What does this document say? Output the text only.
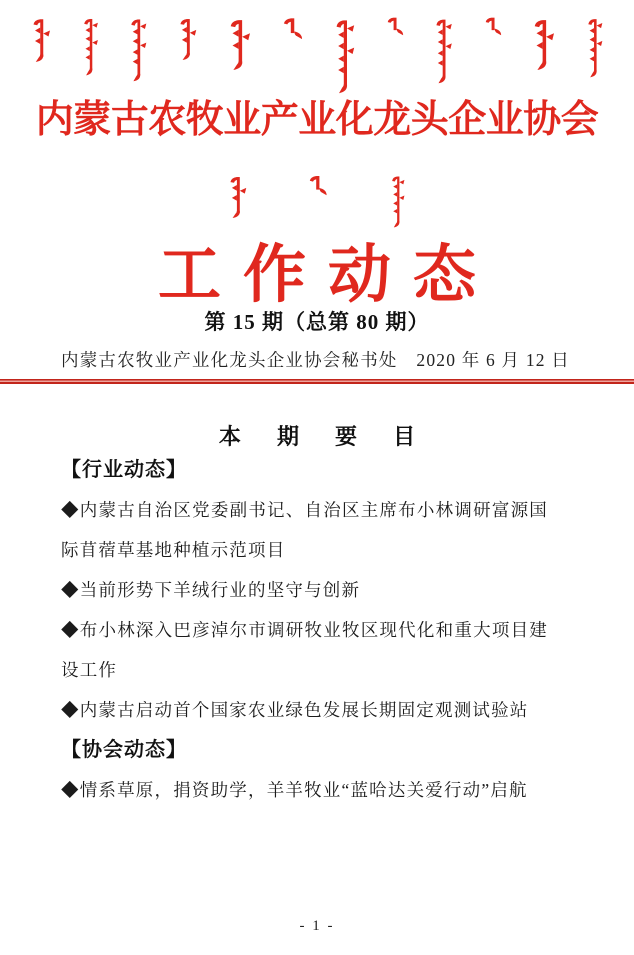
内蒙古农牧业产业化龙头企业协会
工作动态
第 15 期（总第 80 期）
内蒙古农牧业产业化龙头企业协会秘书处 2020 年 6 月 12 日
本 期 要 目
【行业动态】
◆内蒙古自治区党委副书记、自治区主席布小林调研富源国际苜蓿草基地种植示范项目
◆当前形势下羊绒行业的坚守与创新
◆布小林深入巴彦淖尔市调研牧业牧区现代化和重大项目建设工作
◆内蒙古启动首个国家农业绿色发展长期固定观测试验站
【协会动态】
◆情系草原，捐资助学，羊羊牧业“蓝哈达关爱行动”启航
- 1 -
